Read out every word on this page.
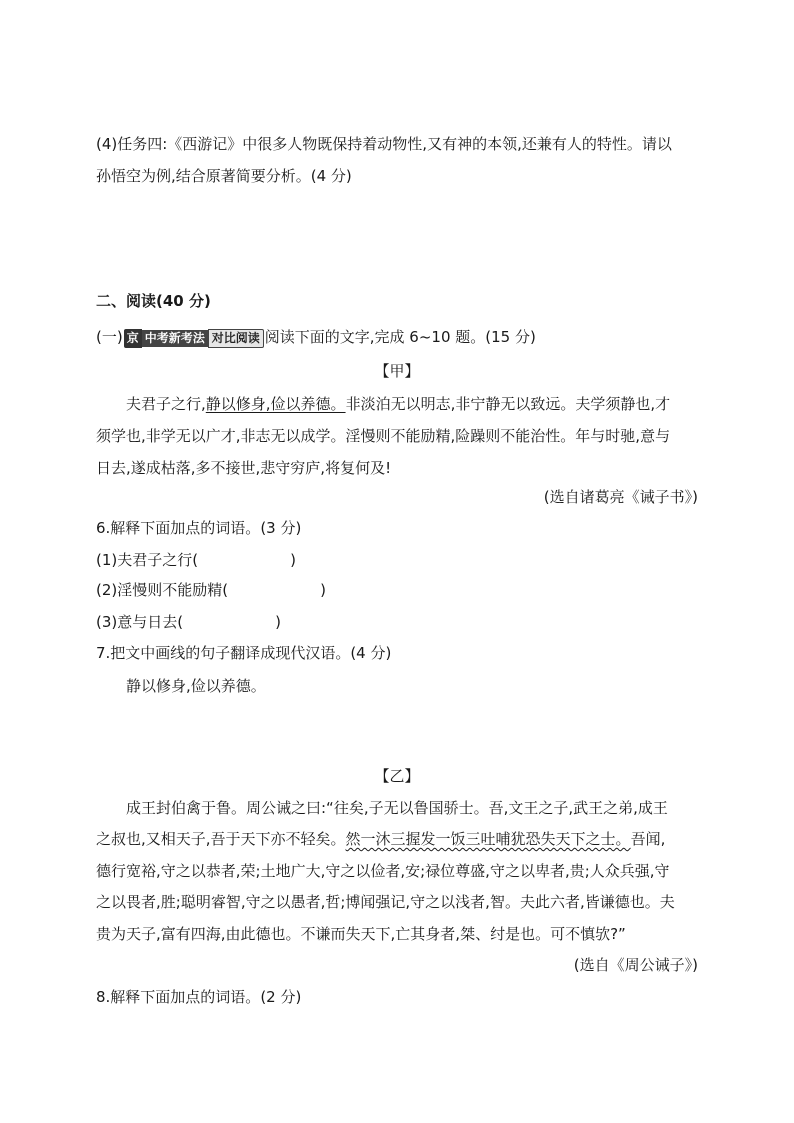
(4)任务四:《西游记》中很多人物既保持着动物性,又有神的本领,还兼有人的特性。请以
孙悟空为例,结合原著简要分析。(4 分)
二、阅读(40 分)
(一) 京 中考新考法 对比阅读 阅读下面的文字,完成 6~10 题。(15 分)
【甲】
夫君子之行,静以修身,俭以养德。非淡泊无以明志,非宁静无以致远。夫学须静也,才
须学也,非学无以广才,非志无以成学。淫慢则不能励精,险躁则不能治性。年与时驰,意与
日去,遂成枯落,多不接世,悲守穷庐,将复何及!
(选自诸葛亮《诫子书》)
6.解释下面加点的词语。(3 分)
(1)夫君子之行(	)
(2)淫慢则不能励精(	)
(3)意与日去(	)
7.把文中画线的句子翻译成现代汉语。(4 分)
静以修身,俭以养德。
【乙】
成王封伯禽于鲁。周公诫之曰:“往矣,子无以鲁国骄士。吾,文王之子,武王之弟,成王
之叔也,又相天子,吾于天下亦不轻矣。然一沐三握发一饭三吐哺犹恐失天下之士。吾闻,
德行宽裕,守之以恭者,荣;土地广大,守之以俭者,安;禄位尊盛,守之以卑者,贵;人众兵强,守
之以畏者,胜;聪明睿智,守之以愚者,哲;博闻强记,守之以浅者,智。夫此六者,皆谦德也。夫
贵为天子,富有四海,由此德也。不谦而失天下,亡其身者,桀、纣是也。可不慎欤?”
(选自《周公诫子》)
8.解释下面加点的词语。(2 分)
